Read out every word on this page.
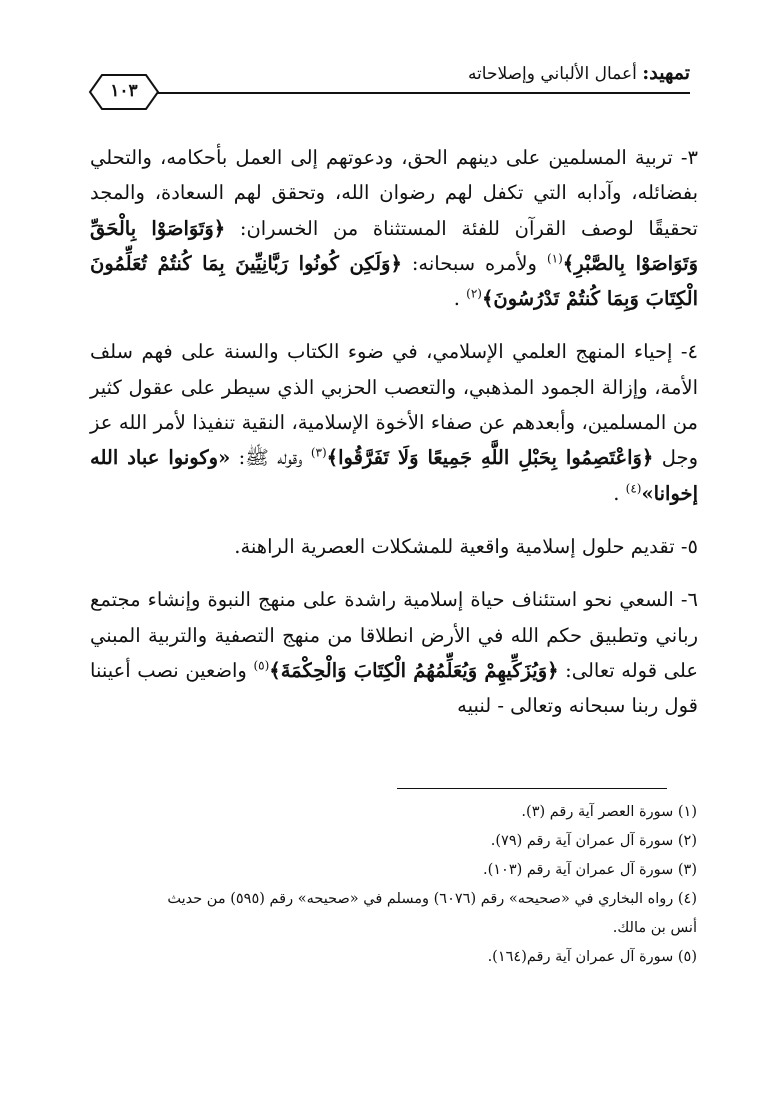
تمهيد: أعمال الألباني وإصلاحاته
١٠٣

٣- تربية المسلمين على دينهم الحق، ودعوتهم إلى العمل بأحكامه، والتحلي بفضائله، وآدابه التي تكفل لهم رضوان الله، وتحقق لهم السعادة، والمجد تحقيقًا لوصف القرآن للفئة المستثناة من الخسران: ﴿وَتَوَاصَوْا بِالْحَقِّ وَتَوَاصَوْا بِالصَّبْرِ﴾$^{(١)}$ ولأمره سبحانه: ﴿وَلَكِن كُونُوا رَبَّانِيِّينَ بِمَا كُنتُمْ تُعَلِّمُونَ الْكِتَابَ وَبِمَا كُنتُمْ تَدْرُسُونَ﴾$^{(٢)}$ .

٤- إحياء المنهج العلمي الإسلامي، في ضوء الكتاب والسنة على فهم سلف الأمة، وإزالة الجمود المذهبي، والتعصب الحزبي الذي سيطر على عقول كثير من المسلمين، وأبعدهم عن صفاء الأخوة الإسلامية، النقية تنفيذا لأمر الله عز وجل ﴿وَاعْتَصِمُوا بِحَبْلِ اللَّهِ جَمِيعًا وَلَا تَفَرَّقُوا﴾$^{(٣)}$ وقوله ﷺ: «وكونوا عباد الله إخوانا»$^{(٤)}$ .

٥- تقديم حلول إسلامية واقعية للمشكلات العصرية الراهنة.

٦- السعي نحو استئناف حياة إسلامية راشدة على منهج النبوة وإنشاء مجتمع رباني وتطبيق حكم الله في الأرض انطلاقا من منهج التصفية والتربية المبني على قوله تعالى: ﴿وَيُزَكِّيهِمْ وَيُعَلِّمُهُمُ الْكِتَابَ وَالْحِكْمَةَ﴾$^{(٥)}$ واضعين نصب أعيننا قول ربنا سبحانه وتعالى - لنبيه

(١) سورة العصر آية رقم (٣).

(٢) سورة آل عمران آية رقم (٧٩).

(٣) سورة آل عمران آية رقم (١٠٣).

(٤) رواه البخاري في «صحيحه» رقم (٦٠٧٦) ومسلم في «صحيحه» رقم (٥٩٥) من حديث

أنس بن مالك.

(٥) سورة آل عمران آية رقم(١٦٤).
